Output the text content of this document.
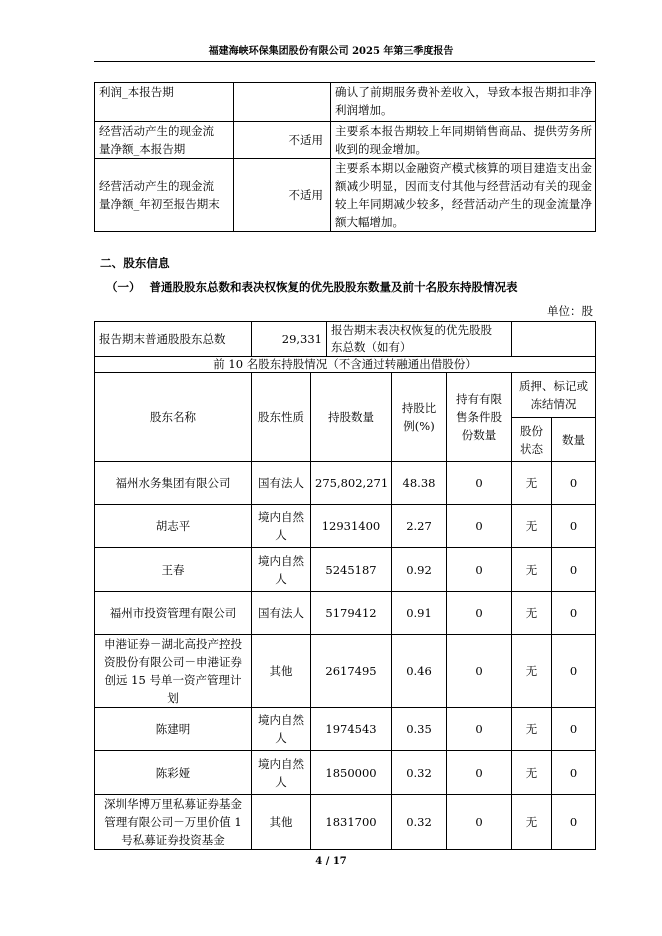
福建海峡环保集团股份有限公司 2025 年第三季度报告
利润_本报告期		确认了前期服务费补差收入，导致本报告期扣非净利润增加。
经营活动产生的现金流量净额_本报告期	不适用	主要系本报告期较上年同期销售商品、提供劳务所收到的现金增加。
经营活动产生的现金流量净额_年初至报告期末	不适用	主要系本期以金融资产模式核算的项目建造支出金额减少明显，因而支付其他与经营活动有关的现金较上年同期减少较多，经营活动产生的现金流量净额大幅增加。
二、股东信息
（一） 普通股股东总数和表决权恢复的优先股股东数量及前十名股东持股情况表
单位：股
报告期末普通股股东总数	29,331		报告期末表决权恢复的优先股股东总数（如有）				
前 10 名股东持股情况（不含通过转融通出借股份）							
股东名称	股东性质	持股数量		持股比例(%)	持有有限售条件股份数量	质押、标记或冻结情况	
						股份状态	数量
福州水务集团有限公司	国有法人	275,802,271		48.38	0	无	0
胡志平	境内自然人	12931400		2.27	0	无	0
王春	境内自然人	5245187		0.92	0	无	0
福州市投资管理有限公司	国有法人	5179412		0.91	0	无	0
申港证券－湖北高投产控投资股份有限公司－申港证券创远 15 号单一资产管理计划	其他	2617495		0.46	0	无	0
陈建明	境内自然人	1974543		0.35	0	无	0
陈彩娅	境内自然人	1850000		0.32	0	无	0
深圳华博万里私募证券基金管理有限公司－万里价值 1 号私募证券投资基金	其他	1831700		0.32	0	无	0
4 / 17
